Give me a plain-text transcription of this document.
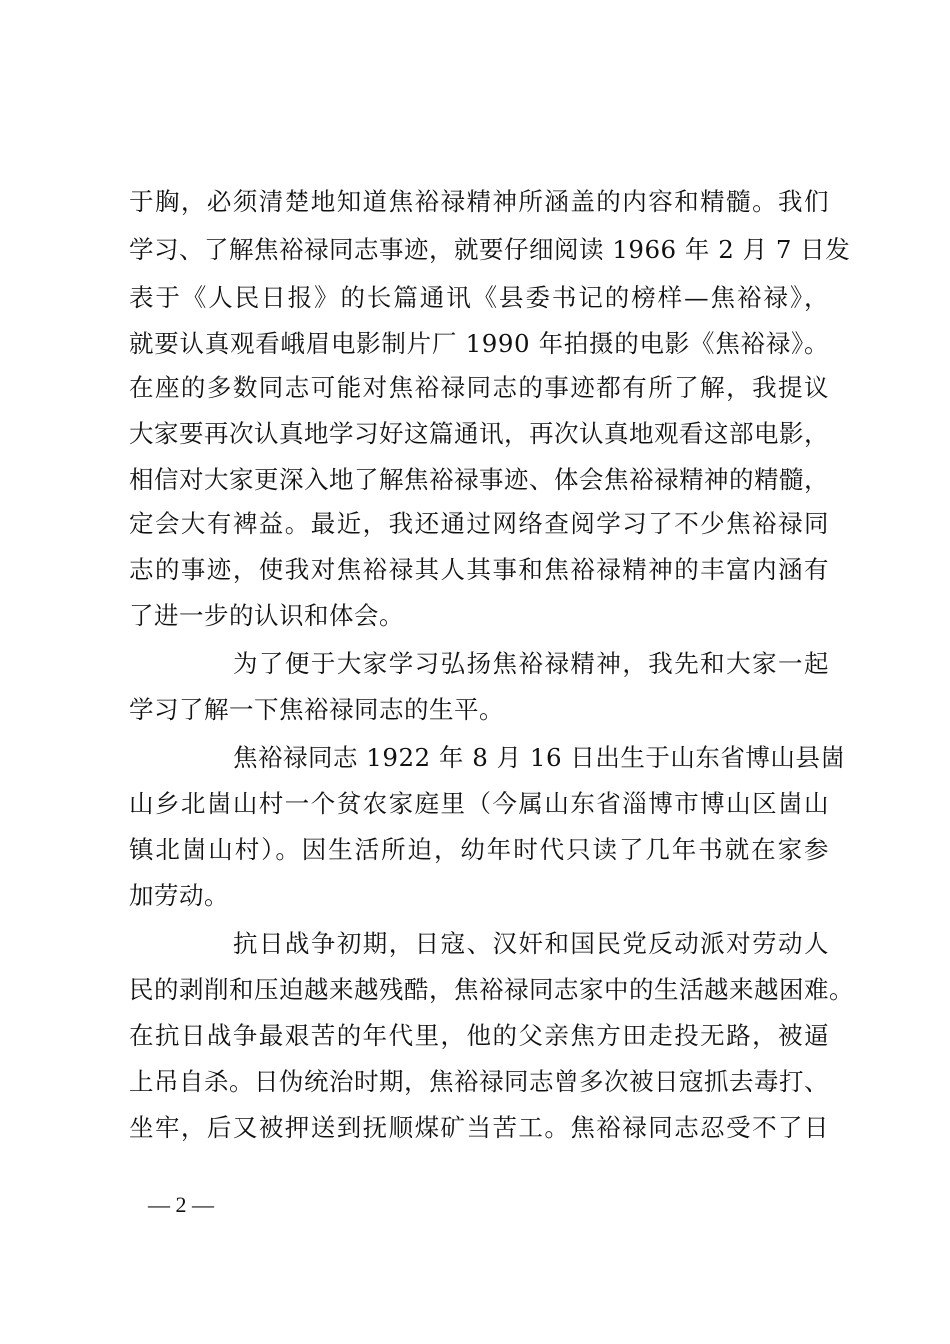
于胸，必须清楚地知道焦裕禄精神所涵盖的内容和精髓。我们
学习、了解焦裕禄同志事迹，就要仔细阅读 1966 年 2 月 7 日发
表于《人民日报》的长篇通讯《县委书记的榜样—焦裕禄》，
就要认真观看峨眉电影制片厂 1990 年拍摄的电影《焦裕禄》。
在座的多数同志可能对焦裕禄同志的事迹都有所了解，我提议
大家要再次认真地学习好这篇通讯，再次认真地观看这部电影，
相信对大家更深入地了解焦裕禄事迹、体会焦裕禄精神的精髓，
定会大有裨益。最近，我还通过网络查阅学习了不少焦裕禄同
志的事迹，使我对焦裕禄其人其事和焦裕禄精神的丰富内涵有
了进一步的认识和体会。
为了便于大家学习弘扬焦裕禄精神，我先和大家一起
学习了解一下焦裕禄同志的生平。
焦裕禄同志 1922 年 8 月 16 日出生于山东省博山县崮
山乡北崮山村一个贫农家庭里（今属山东省淄博市博山区崮山
镇北崮山村）。因生活所迫，幼年时代只读了几年书就在家参
加劳动。
抗日战争初期，日寇、汉奸和国民党反动派对劳动人
民的剥削和压迫越来越残酷，焦裕禄同志家中的生活越来越困难。
在抗日战争最艰苦的年代里，他的父亲焦方田走投无路，被逼
上吊自杀。日伪统治时期，焦裕禄同志曾多次被日寇抓去毒打、
坐牢，后又被押送到抚顺煤矿当苦工。焦裕禄同志忍受不了日
— 2 —
